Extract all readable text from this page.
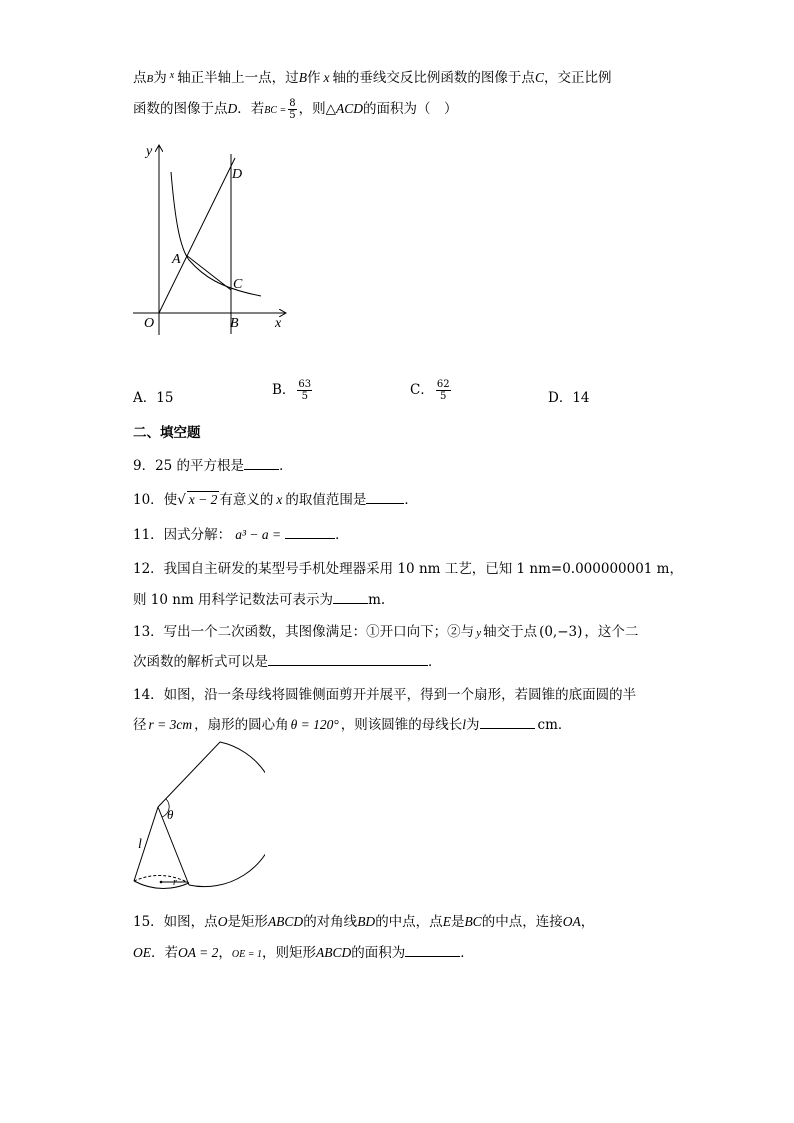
点B为 $^x$ 轴正半轴上一点，过B作 x 轴的垂线交反比例函数的图像于点C，交正比例
函数的图像于点D．若BC = $\frac{8}{5}$ ，则△ACD的面积为（　）
y
x
O
A
B
C
D
A．15	B． $\frac{63}{5}$	C． $\frac{62}{5}$	D．14
二、填空题
9．25 的平方根是	．
10．使√ x − 2 有意义的 x 的取值范围是	．
11．因式分解： a³ − a =	．
12．我国自主研发的某型号手机处理器采用 10 nm 工艺，已知 1 nm=0.000000001 m，
则 10 nm 用科学记数法可表示为	m.
13．写出一个二次函数，其图像满足：①开口向下；②与 y 轴交于点 (0,−3) ，这个二
次函数的解析式可以是	．
14．如图，沿一条母线将圆锥侧面剪开并展平，得到一个扇形，若圆锥的底面圆的半
径 r = 3cm ，扇形的圆心角 θ = 120° ，则该圆锥的母线长l为	cm．
θ
l
r
15．如图，点O是矩形ABCD的对角线BD的中点，点E是BC的中点，连接OA，
OE．若OA = 2，OE = 1，则矩形ABCD的面积为	．
